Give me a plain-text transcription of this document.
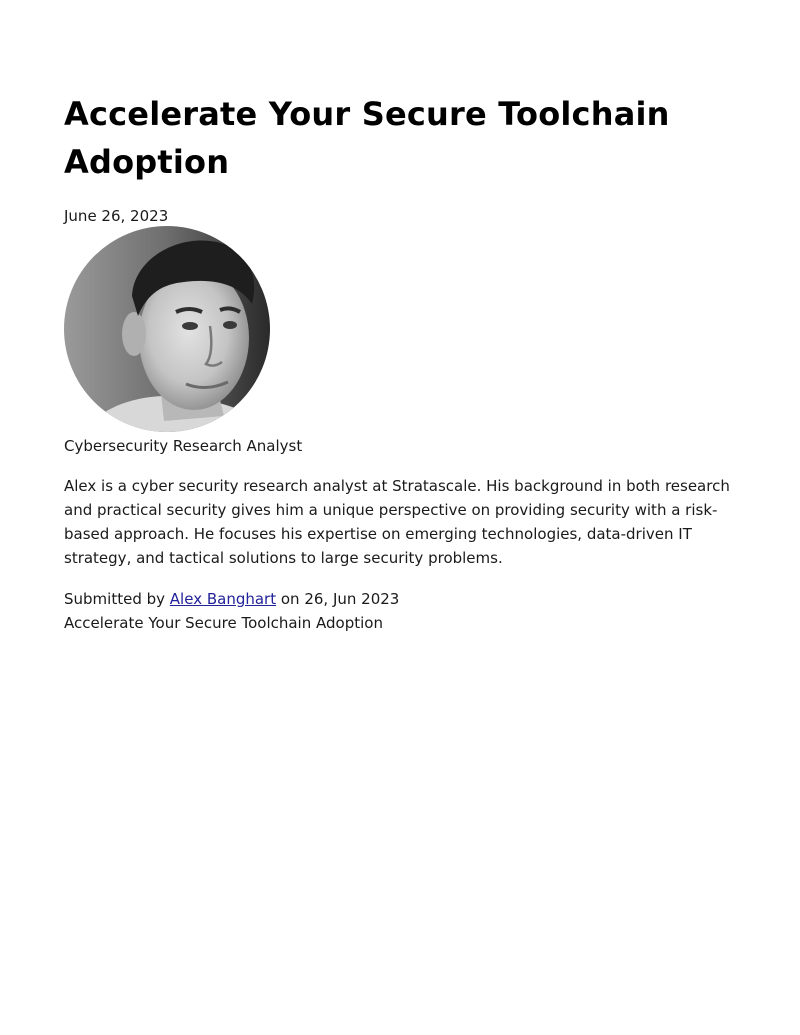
Accelerate Your Secure Toolchain Adoption
June 26, 2023
Cybersecurity Research Analyst

Alex is a cyber security research analyst at Stratascale. His background in both research and practical security gives him a unique perspective on providing security with a risk-based approach. He focuses his expertise on emerging technologies, data-driven IT strategy, and tactical solutions to large security problems.

Submitted by Alex Banghart on 26, Jun 2023
Accelerate Your Secure Toolchain Adoption
